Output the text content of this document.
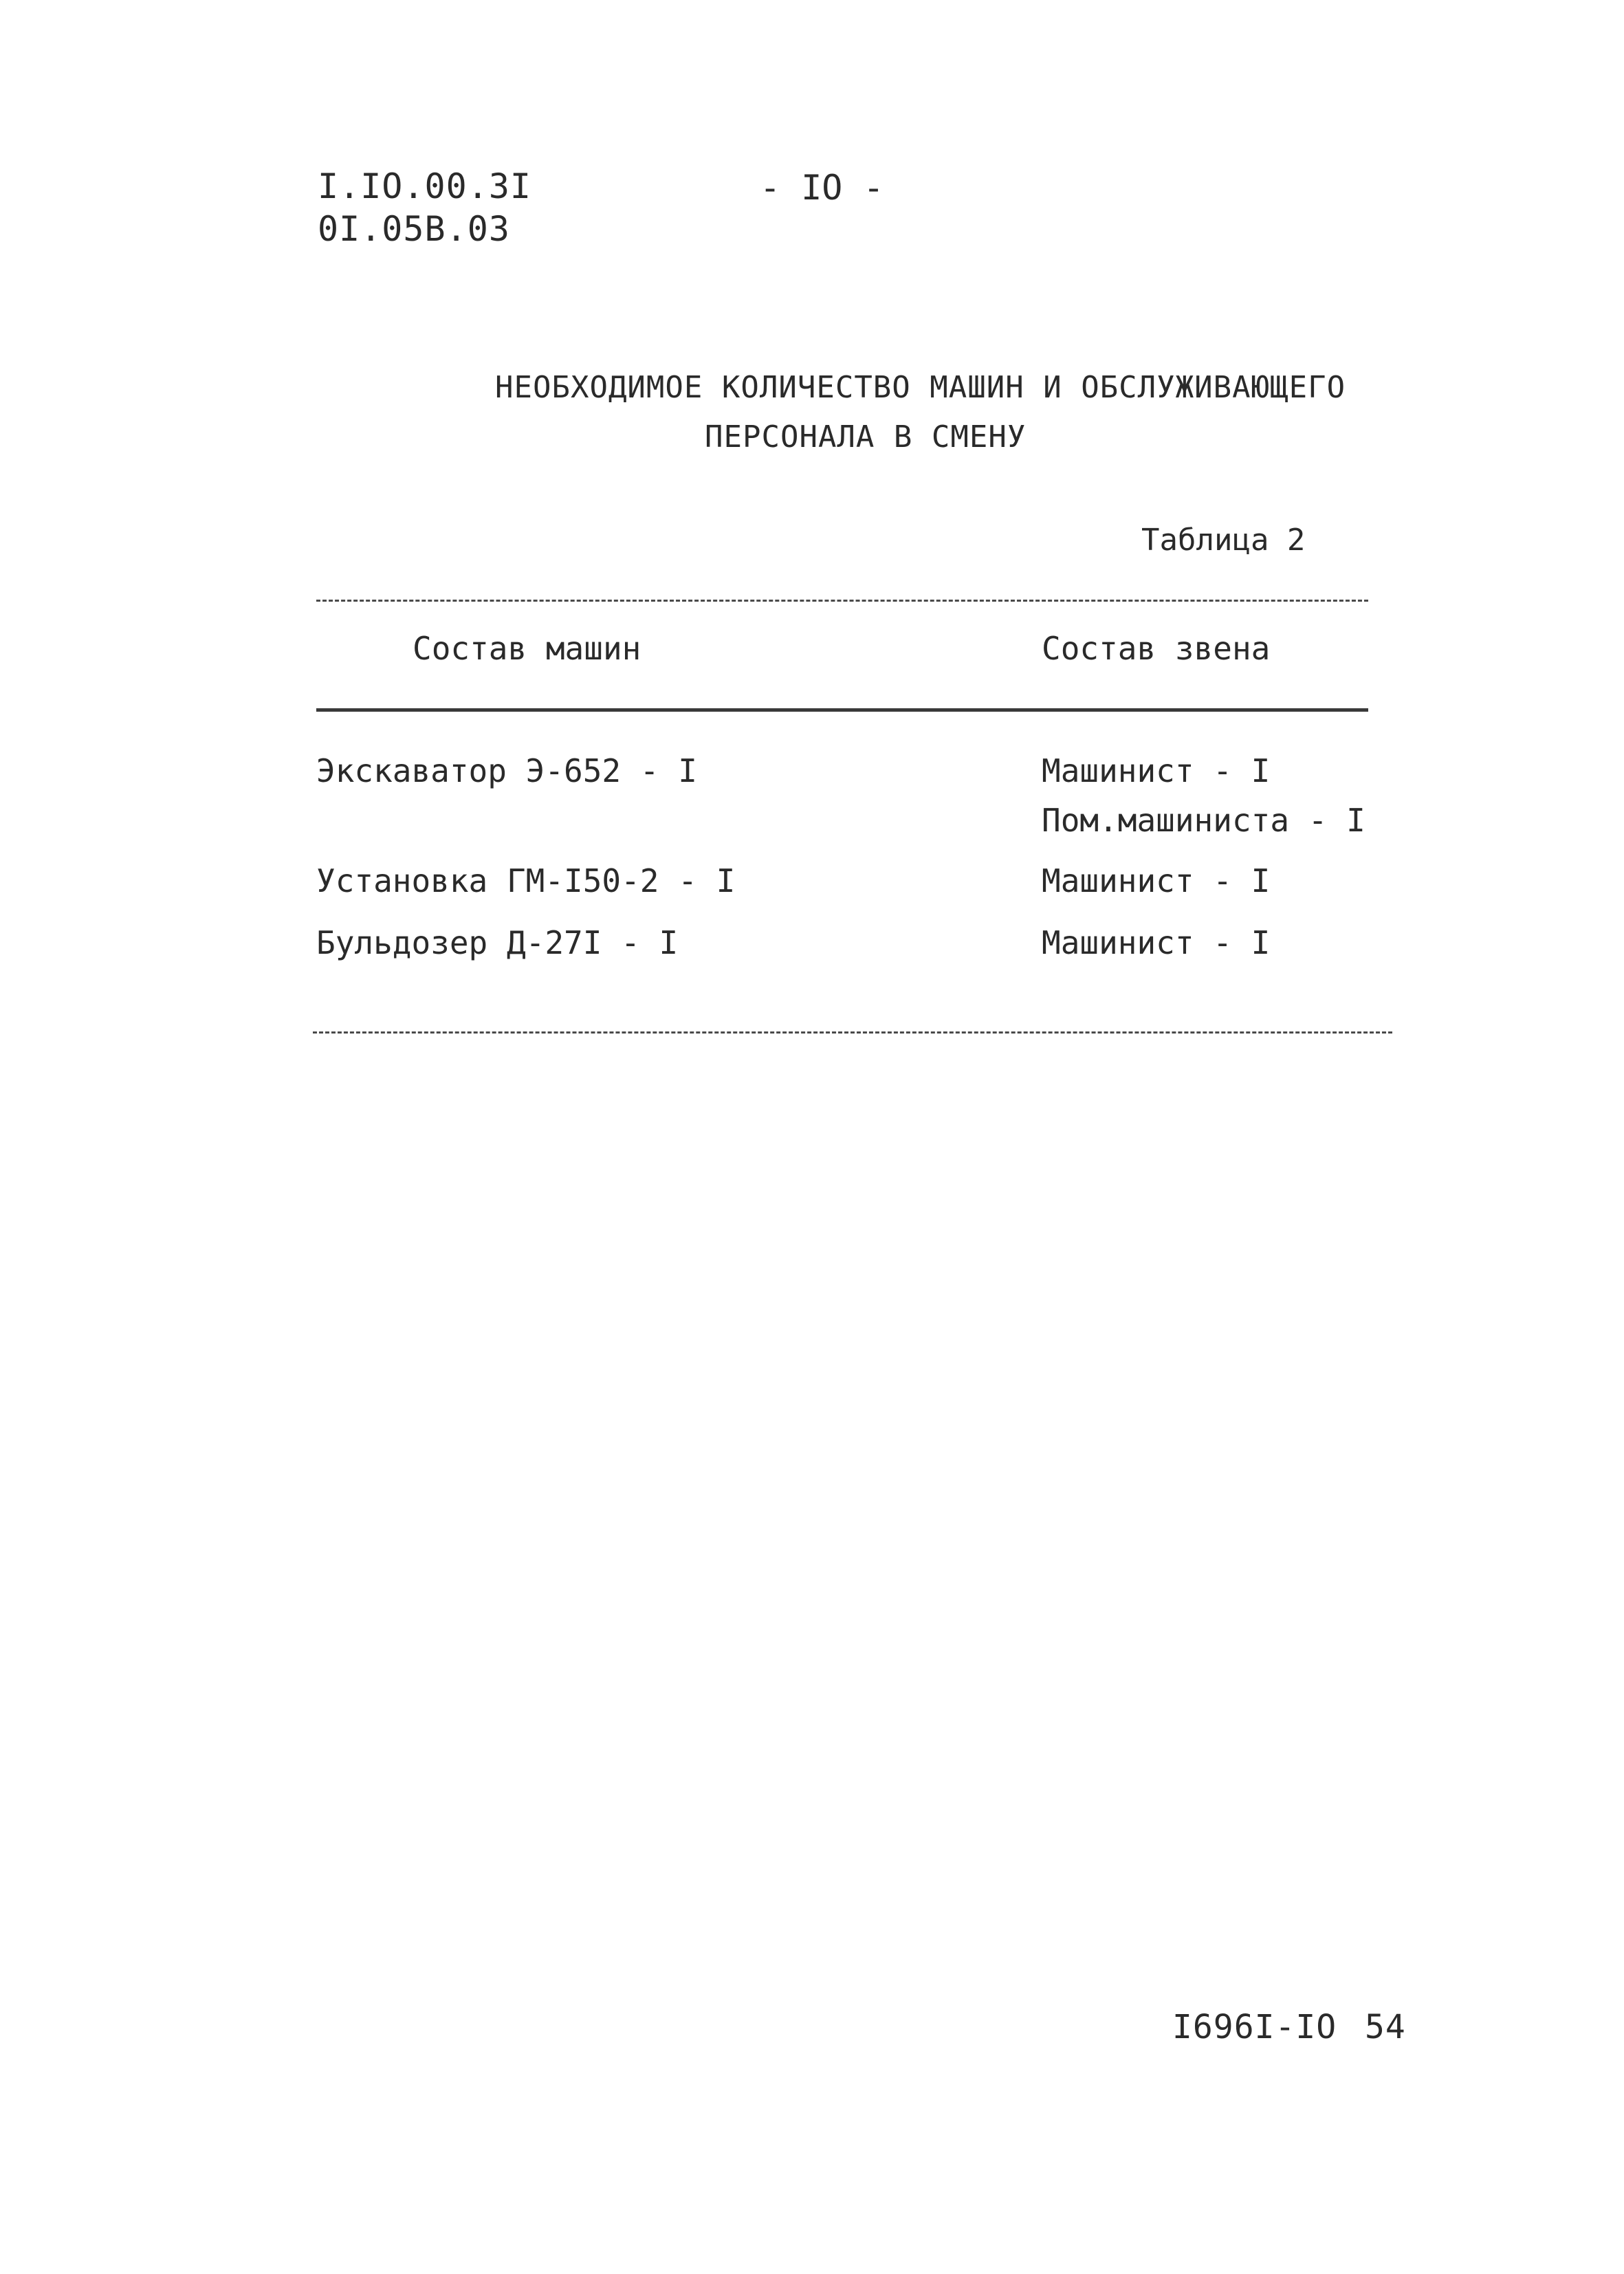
I.IO.00.3I
0I.05B.03
- IO -
НЕОБХОДИМОЕ КОЛИЧЕСТВО МАШИН И ОБСЛУЖИВАЮЩЕГО
ПЕРСОНАЛА В СМЕНУ
Таблица 2
Состав машин	Состав звена
Экскаватор Э-652 - I	Машинист - I
Пом.машиниста - I
Установка ГМ-I50-2 - I	Машинист - I
Бульдозер Д-27I - I	Машинист - I
I696I-IO 54
